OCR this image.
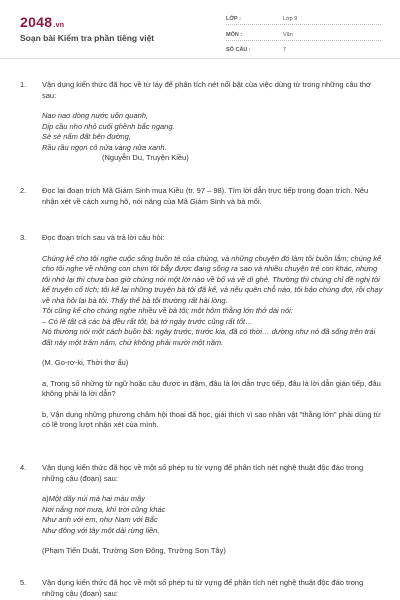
2048.vn
Soạn bài Kiểm tra phần tiếng việt
LỚP :	Lớp 9
MÔN :	Văn
SỐ CÂU :	7
1. Vận dụng kiến thức đã học về từ láy để phân tích nét nổi bật của việc dùng từ trong những câu thơ sau:

Nao nao dòng nước uốn quanh,

Dịp cầu nho nhỏ cuối ghềnh bắc ngang.

Sè sè nấm đất bên đường,

Rầu rầu ngọn cỏ nửa vàng nửa xanh.

(Nguyễn Du, Truyện Kiều)

2. Đọc lại đoạn trích Mã Giám Sinh mua Kiều (tr. 97 – 98). Tìm lời dẫn trực tiếp trong đoạn trích. Nêu nhận xét về cách xưng hô, nói năng của Mã Giám Sinh và bà mối.

3. Đọc đoạn trích sau và trả lời câu hỏi:

Chúng kể cho tôi nghe cuộc sống buồn tẻ của chúng, và những chuyện đó làm tôi buồn lắm; chúng kể cho tôi nghe về những con chim tôi bẫy được đang sống ra sao và nhiều chuyện trẻ con khác, nhưng tôi nhớ lại thì chưa bao giờ chúng nói một lời nào về bố và về dì ghẻ. Thường thì chúng chỉ đề nghị tôi kể truyện cổ tích; tôi kể lại những truyện bà tôi đã kể, và nếu quên chỗ nào, tôi bảo chúng đợi, rồi chạy về nhà hỏi lại bà tôi. Thấy thế bà tôi thường rất hài lòng.

Tôi cũng kể cho chúng nghe nhiều về bà tôi; một hôm thằng lớn thở dài nói:

– Có lẽ tất cả các bà đều rất tốt, bà tớ ngày trước cũng rất tốt…

Nó thường nói một cách buồn bã: ngày trước, trước kia, đã có thời… dường như nó đã sống trên trái đất này một trăm năm, chứ không phải mười một năm.

(M. Go-rơ-ki, Thời thơ ấu)

a, Trong số những từ ngữ hoặc câu được in đậm, đâu là lời dẫn trực tiếp, đâu là lời dẫn gián tiếp, đâu không phải là lời dẫn?

b, Vận dụng những phương châm hội thoại đã học, giải thích vì sao nhân vật "thằng lớn" phải dùng từ có lẽ trong lượt nhận xét của mình.

4. Vận dụng kiến thức đã học về một số phép tu từ vựng để phân tích nét nghệ thuật độc đáo trong những câu (đoạn) sau:

a)Một dãy núi mà hai màu mây

Nơi nắng nơi mưa, khí trời cũng khác

Như anh với em, như Nam với Bắc

Như đông với tây một dải rừng liền.

(Phạm Tiến Duật, Trường Sơn Đông, Trường Sơn Tây)

5. Vận dụng kiến thức đã học về một số phép tu từ vựng để phân tích nét nghệ thuật độc đáo trong những câu (đoạn) sau:
